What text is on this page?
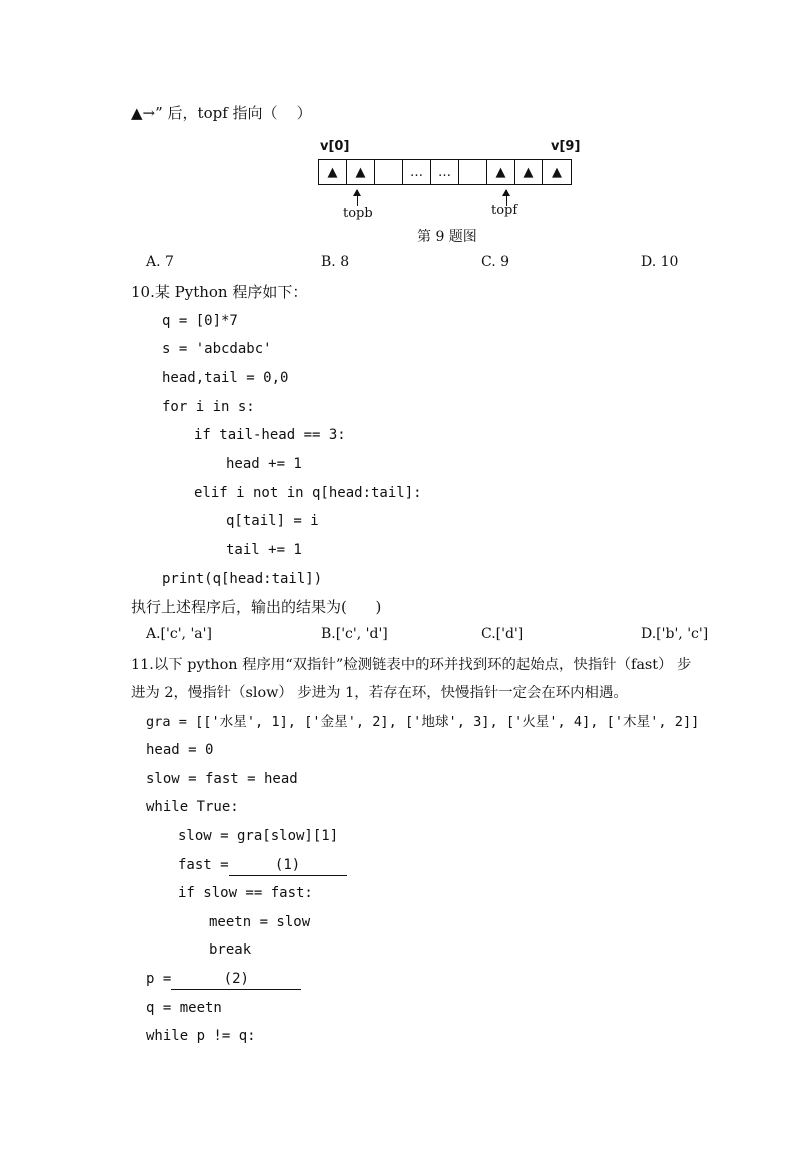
▲→” 后，topf 指向（    ）
v[0]	v[9]
▲	▲	…	…	▲	▲	▲
topb	topf
第 9 题图
A. 7	B. 8	C. 9	D. 10
10.某 Python 程序如下：
q = [0]*7
s = 'abcdabc'
head,tail = 0,0
for i in s:
if tail-head == 3:
head += 1
elif i not in q[head:tail]:
q[tail] = i
tail += 1
print(q[head:tail])
执行上述程序后，输出的结果为(      )
A.['c', 'a']	B.['c', 'd']	C.['d']	D.['b', 'c']
11.以下 python 程序用“双指针”检测链表中的环并找到环的起始点，快指针（fast） 步
进为 2，慢指针（slow） 步进为 1，若存在环，快慢指针一定会在环内相遇。
gra = [['水星', 1], ['金星', 2], ['地球', 3], ['火星', 4], ['木星', 2]]
head = 0
slow = fast = head
while True:
slow = gra[slow][1]
fast =	(1)
if slow == fast:
meetn = slow
break
p =	(2)
q = meetn
while p != q:
